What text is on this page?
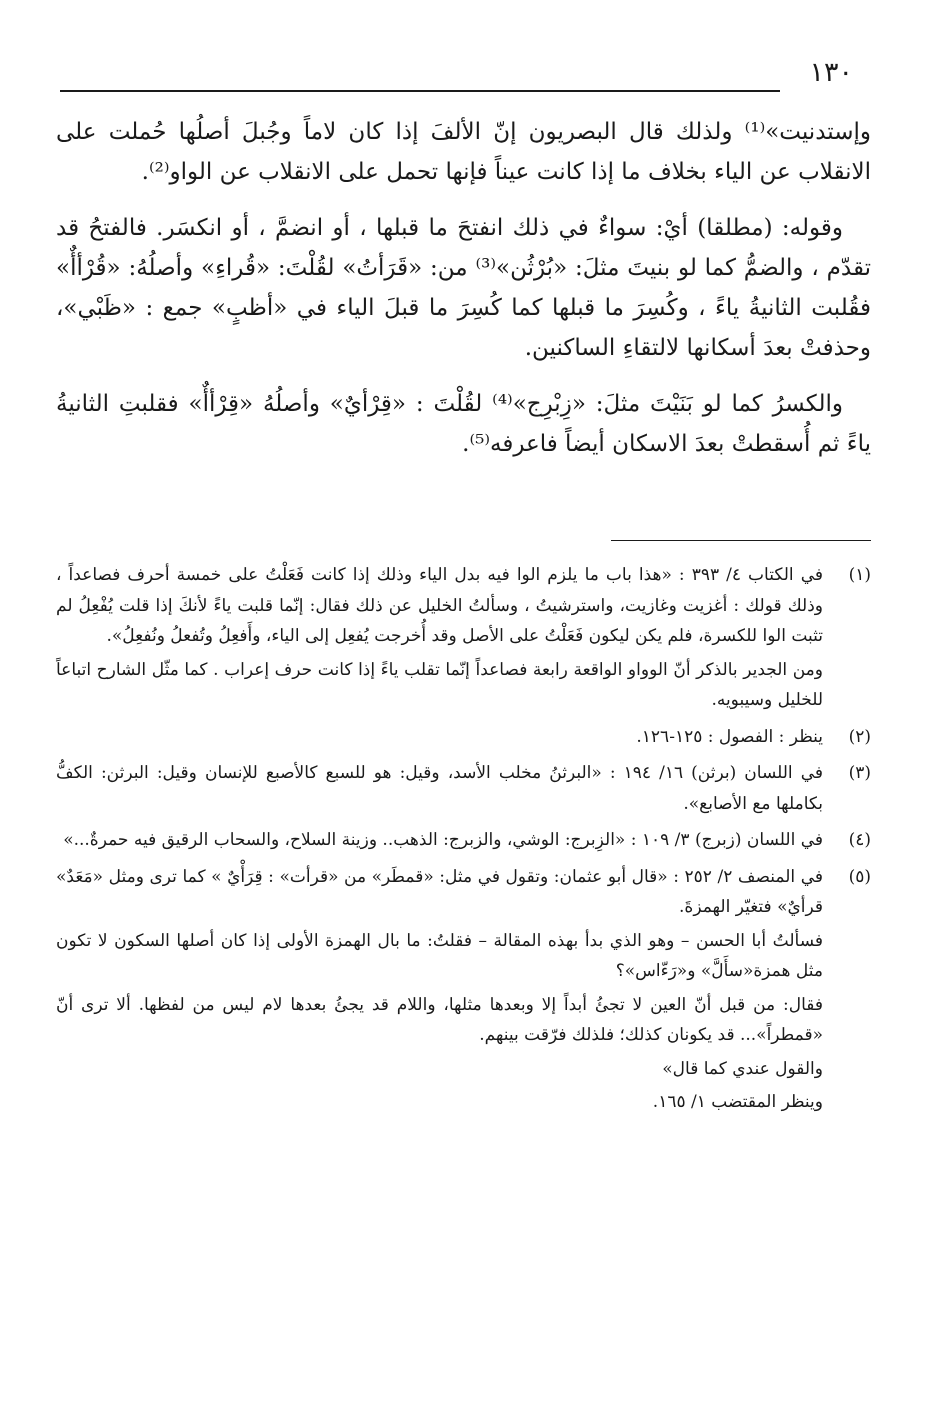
١٣٠

وإستدنيت»⁽¹⁾ ولذلك قال البصريون إنّ الألفَ إذا كان لاماً وجُبلَ أصلُها حُملت على الانقلاب عن الياء بخلاف ما إذا كانت عيناً فإنها تحمل على الانقلاب عن الواو⁽²⁾.

وقوله: (مطلقا) أيْ: سواءٌ في ذلك انفتحَ ما قبلها ، أو انضمَّ ، أو انكسَر. فالفتحُ قد تقدّم ، والضمُّ كما لو بنيتَ مثلَ: «بُرْثُن»⁽³⁾ من: «قَرَأتُ» لقُلْتَ: «قُراءِ» وأصلُهُ: «قُرْأأٌ» فقُلبت الثانيةُ ياءً ، وكُسِرَ ما قبلها كما كُسِرَ ما قبلَ الياء في «أظبٍ» جمع : «ظَبْي»، وحذفتْ بعدَ أسكانها لالتقاءِ الساكنين.

والكسرُ كما لو بَنَيْتَ مثلَ: «زِبْرِج»⁽⁴⁾ لقُلْتَ : «قِرْأيٌ» وأصلُهُ «قِرْأأٌ» فقلبتِ الثانيةُ ياءً ثم أُسقطتْ بعدَ الاسكان أيضاً فاعرفه⁽⁵⁾.

(١)

في الكتاب ٤/ ٣٩٣ : «هذا باب ما يلزم الوا فيه بدل الياء وذلك إذا كانت فَعَلْتُ على خمسة أحرف فصاعداً ، وذلك قولك : أغزيت وغازيت، واسترشيتُ ، وسألتُ الخليل عن ذلك فقال: إنّما قلبت ياءً لأنكَ إذا قلت يُفْعِلُ لم تثبت الوا للكسرة، فلم يكن ليكون فَعَلْتُ على الأصل وقد أُخرجت يُفعِل إلى الياء، وأَفعِلُ وتُفعلُ ونُفعِلُ».

ومن الجدير بالذكر أنّ الوواو الواقعة رابعة فصاعداً إنّما تقلب ياءً إذا كانت حرف إعراب . كما مثّل الشارح اتباعاً للخليل وسيبويه.

(٢)

ينظر : الفصول : ١٢٥-١٢٦.

(٣)

في اللسان (برثن) ١٦/ ١٩٤ : «البرثنُ مخلب الأسد، وقيل: هو للسبع كالأصبع للإنسان وقيل: البرثن: الكفُّ بكاملها مع الأصابع».

(٤)

في اللسان (زبرج) ٣/ ١٠٩ : «الزِبرج: الوشي، والزبرج: الذهب.. وزينة السلاح، والسحاب الرقيق فيه حمرةٌ...»

(٥)

في المنصف ٢/ ٢٥٢ : «قال أبو عثمان: وتقول في مثل: «قمطَر» من «قرأت» : قِرَأْيٌ » كما ترى ومثل «مَعَدٌ» قرأيٌ» فتغيّر الهمزةَ.

فسألتُ أبا الحسن – وهو الذي بدأ بهذه المقالة – فقلتُ: ما بال الهمزة الأولى إذا كان أصلها السكون لا تكون مثل همزة«سأَلَّ» و«رَءّاس»؟

فقال: من قبل أنّ العين لا تجئُ أبداً إلا وبعدها مثلها، واللام قد يجئُ بعدها لام ليس من لفظها. ألا ترى أنّ «قمطراً»... قد يكونان كذلك؛ فلذلك فرّقت بينهم.

والقول عندي كما قال»

وينظر المقتضب ١/ ١٦٥.
